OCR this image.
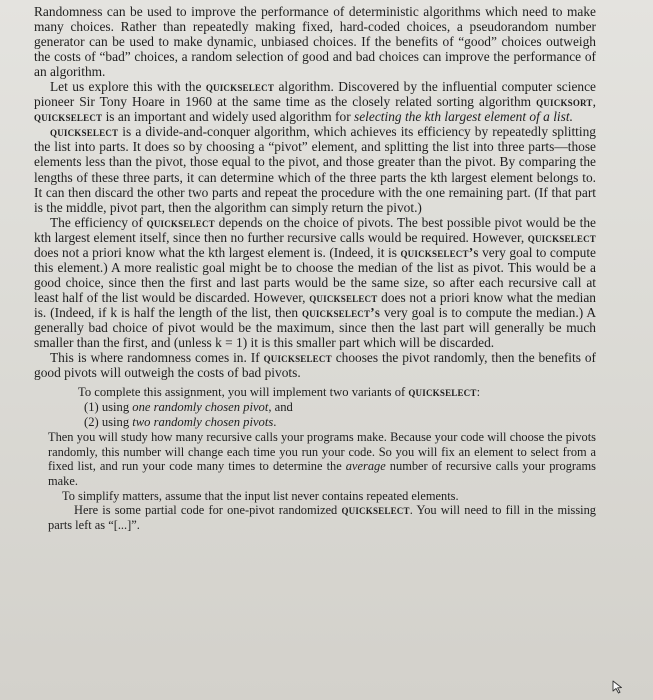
Randomness can be used to improve the performance of deterministic algorithms which need to make many choices. Rather than repeatedly making fixed, hard-coded choices, a pseudorandom number generator can be used to make dynamic, unbiased choices. If the benefits of “good” choices outweigh the costs of “bad” choices, a random selection of good and bad choices can improve the performance of an algorithm.

Let us explore this with the quickselect algorithm. Discovered by the influential computer science pioneer Sir Tony Hoare in 1960 at the same time as the closely related sorting algorithm quicksort, quickselect is an important and widely used algorithm for selecting the kth largest element of a list.

quickselect is a divide-and-conquer algorithm, which achieves its efficiency by repeatedly splitting the list into parts. It does so by choosing a “pivot” element, and splitting the list into three parts—those elements less than the pivot, those equal to the pivot, and those greater than the pivot. By comparing the lengths of these three parts, it can determine which of the three parts the kth largest element belongs to. It can then discard the other two parts and repeat the procedure with the one remaining part. (If that part is the middle, pivot part, then the algorithm can simply return the pivot.)

The efficiency of quickselect depends on the choice of pivots. The best possible pivot would be the kth largest element itself, since then no further recursive calls would be required. However, quickselect does not a priori know what the kth largest element is. (Indeed, it is quickselect’s very goal to compute this element.) A more realistic goal might be to choose the median of the list as pivot. This would be a good choice, since then the first and last parts would be the same size, so after each recursive call at least half of the list would be discarded. However, quickselect does not a priori know what the median is. (Indeed, if k is half the length of the list, then quickselect’s very goal is to compute the median.) A generally bad choice of pivot would be the maximum, since then the last part will generally be much smaller than the first, and (unless k = 1) it is this smaller part which will be discarded.

This is where randomness comes in. If quickselect chooses the pivot randomly, then the benefits of good pivots will outweigh the costs of bad pivots.

To complete this assignment, you will implement two variants of quickselect:

(1) using one randomly chosen pivot, and

(2) using two randomly chosen pivots.

Then you will study how many recursive calls your programs make. Because your code will choose the pivots randomly, this number will change each time you run your code. So you will fix an element to select from a fixed list, and run your code many times to determine the average number of recursive calls your programs make.

To simplify matters, assume that the input list never contains repeated elements.

Here is some partial code for one-pivot randomized quickselect. You will need to fill in the missing parts left as “[...]”.
